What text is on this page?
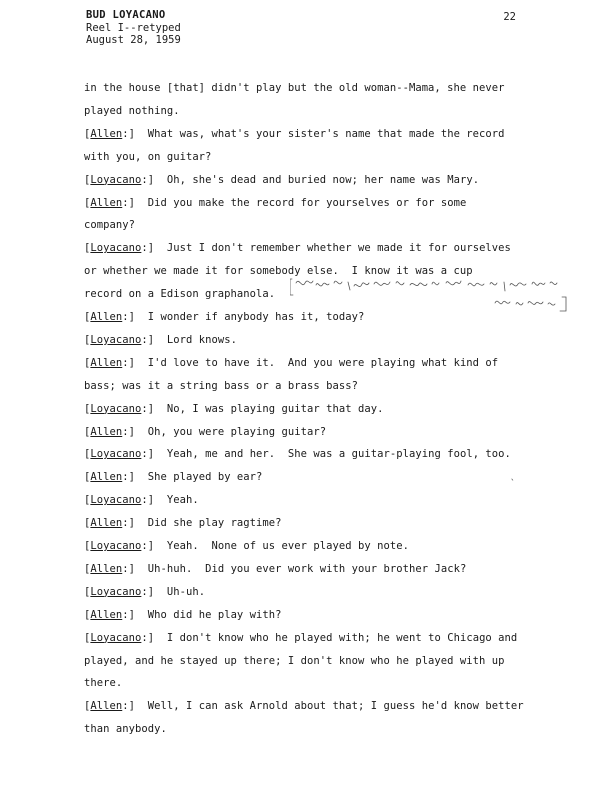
BUD LOYACANO
Reel I--retyped
August 28, 1959
22
in the house [that] didn't play but the old woman--Mama, she never
played nothing.
[Allen:]  What was, what's your sister's name that made the record
with you, on guitar?
[Loyacano:]  Oh, she's dead and buried now; her name was Mary.
[Allen:]  Did you make the record for yourselves or for some
company?
[Loyacano:]  Just I don't remember whether we made it for ourselves
or whether we made it for somebody else.  I know it was a cup
record on a Edison graphanola.
[Allen:]  I wonder if anybody has it, today?
[Loyacano:]  Lord knows.
[Allen:]  I'd love to have it.  And you were playing what kind of
bass; was it a string bass or a brass bass?
[Loyacano:]  No, I was playing guitar that day.
[Allen:]  Oh, you were playing guitar?
[Loyacano:]  Yeah, me and her.  She was a guitar-playing fool, too.
[Allen:]  She played by ear?
[Loyacano:]  Yeah.
[Allen:]  Did she play ragtime?
[Loyacano:]  Yeah.  None of us ever played by note.
[Allen:]  Uh-huh.  Did you ever work with your brother Jack?
[Loyacano:]  Uh-uh.
[Allen:]  Who did he play with?
[Loyacano:]  I don't know who he played with; he went to Chicago and
played, and he stayed up there; I don't know who he played with up
there.
[Allen:]  Well, I can ask Arnold about that; I guess he'd know better
than anybody.
`
